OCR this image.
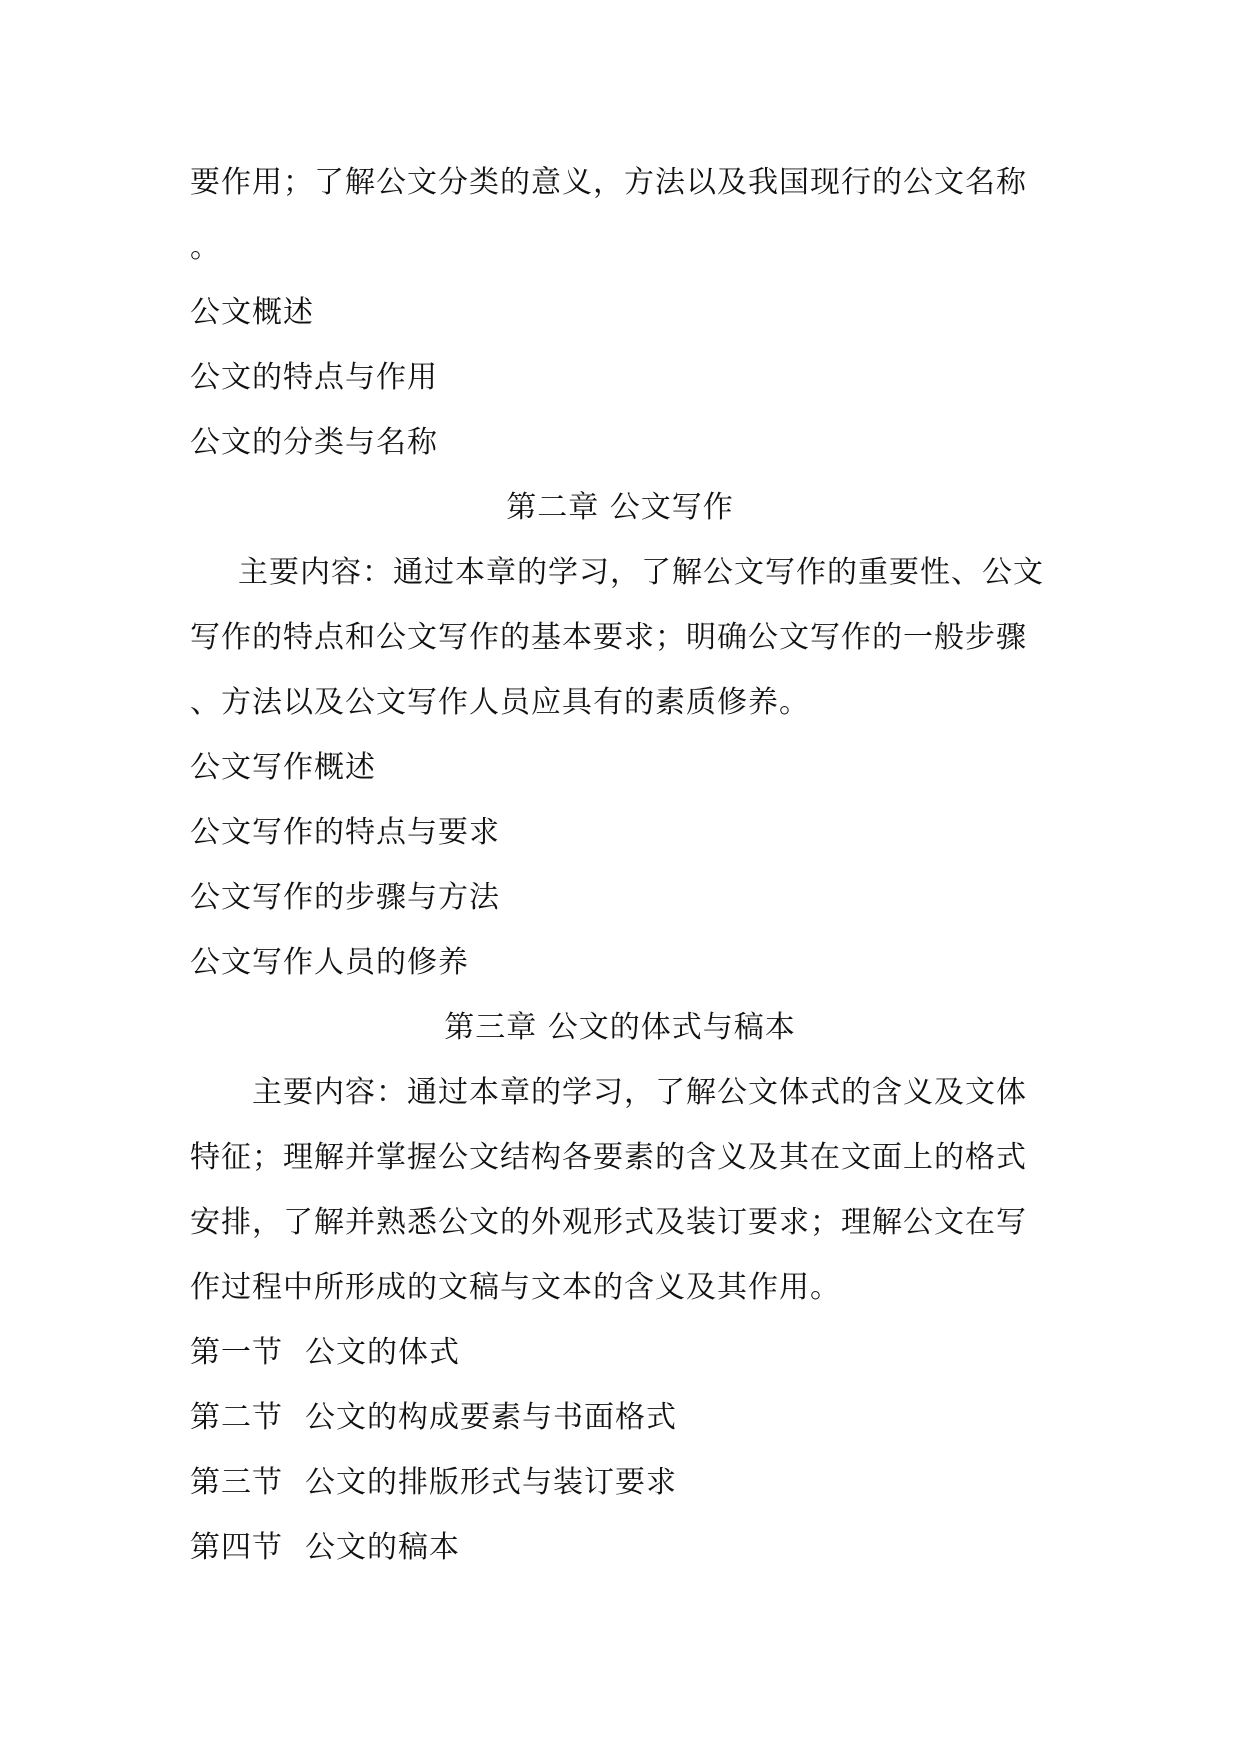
要作用；了解公文分类的意义，方法以及我国现行的公文名称
。
公文概述
公文的特点与作用
公文的分类与名称
第二章 公文写作
主要内容：通过本章的学习，了解公文写作的重要性、公文
写作的特点和公文写作的基本要求；明确公文写作的一般步骤
、方法以及公文写作人员应具有的素质修养。
公文写作概述
公文写作的特点与要求
公文写作的步骤与方法
公文写作人员的修养
第三章 公文的体式与稿本
主要内容：通过本章的学习，了解公文体式的含义及文体
特征；理解并掌握公文结构各要素的含义及其在文面上的格式
安排，了解并熟悉公文的外观形式及装订要求；理解公文在写
作过程中所形成的文稿与文本的含义及其作用。
第一节 公文的体式
第二节 公文的构成要素与书面格式
第三节 公文的排版形式与装订要求
第四节 公文的稿本
